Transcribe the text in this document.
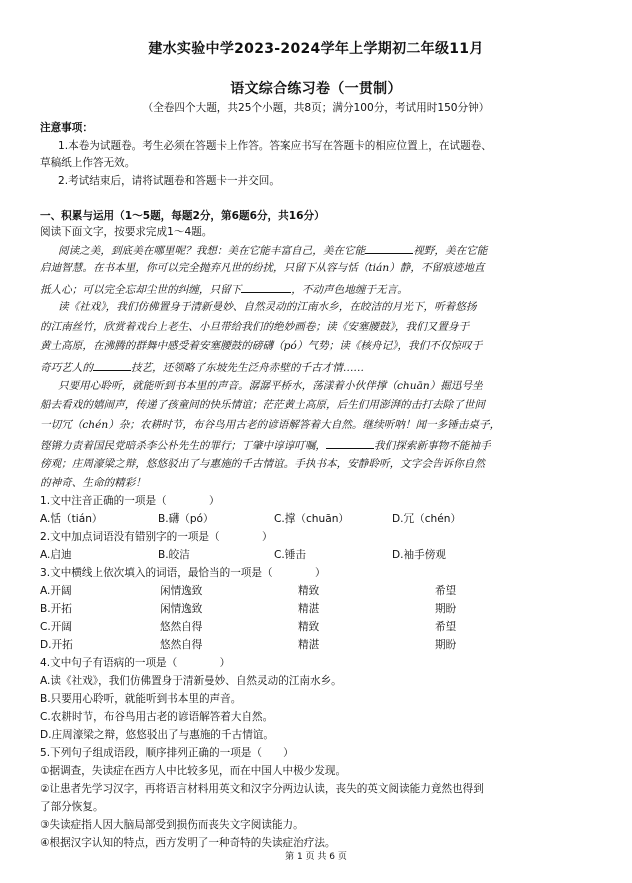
建水实验中学2023-2024学年上学期初二年级11月
语文综合练习卷（一贯制）
（全卷四个大题，共25个小题，共8页；满分100分，考试用时150分钟）
注意事项：
1.本卷为试题卷。考生必须在答题卡上作答。答案应书写在答题卡的相应位置上，在试题卷、
草稿纸上作答无效。
2.考试结束后，请将试题卷和答题卡一并交回。
一、积累与运用（1～5题，每题2分，第6题6分，共16分）
阅读下面文字，按要求完成1～4题。
阅读之美，到底美在哪里呢？我想：美在它能丰富自己，美在它能	视野，美在它能
启迪智慧。在书本里，你可以完全抛弃凡世的纷扰，只留下从容与恬（tián）静，不留痕迹地直
抵人心；可以完全忘却尘世的纠缠，只留下	，不动声色地缠于无言。
读《社戏》，我们仿佛置身于清新曼妙、自然灵动的江南水乡，在皎洁的月光下，听着悠扬
的江南丝竹，欣赏着戏台上老生、小旦带给我们的绝妙画卷；读《安塞腰鼓》，我们又置身于
黄土高原，在沸腾的群舞中感受着安塞腰鼓的磅礴（pó）气势；读《核舟记》，我们不仅惊叹于
奇巧艺人的	技艺，还领略了东坡先生泛舟赤壁的千古才情……
只要用心聆听，就能听到书本里的声音。潺潺平桥水，荡漾着小伙伴撑（chuān）掘迅号坐
船去看戏的嬉闹声，传递了孩童间的快乐情谊；茫茫黄土高原，后生们用澎湃的击打去除了世间
一切冗（chén）杂；农耕时节，布谷鸟用古老的谚语解答着大自然。继续听呐！闻一多锤击桌子，
铿锵力责着国民党暗杀李公朴先生的罪行；丁肇中谆谆叮嘱，	我们探索新事物不能袖手
傍观；庄周濠梁之辩，悠悠驳出了与惠施的千古情谊。手执书本，安静聆听，文字会告诉你自然
的神奇、生命的精彩！
1.文中注音正确的一项是（　　　　）
A.恬（tián）	B.礴（pó）	C.撑（chuān）	D.冗（chén）
2.文中加点词语没有错别字的一项是（　　　　）
A.启迪	B.皎洁	C.锤击	D.袖手傍观
3.文中横线上依次填入的词语，最恰当的一项是（　　　　）
A.开阔	闲情逸致	精致	希望
B.开拓	闲情逸致	精湛	期盼
C.开阔	悠然自得	精致	希望
D.开拓	悠然自得	精湛	期盼
4.文中句子有语病的一项是（　　　　）
A.读《社戏》，我们仿佛置身于清新曼妙、自然灵动的江南水乡。
B.只要用心聆听，就能听到书本里的声音。
C.农耕时节，布谷鸟用古老的谚语解答着大自然。
D.庄周濠梁之辩，悠悠驳出了与惠施的千古情谊。
5.下列句子组成语段，顺序排列正确的一项是（　　）
①据调查，失读症在西方人中比较多见，而在中国人中极少发现。
②让患者先学习汉字，再将语言材料用英文和汉字分两边认读，丧失的英文阅读能力竟然也得到
了部分恢复。
③失读症指人因大脑局部受到损伤而丧失文字阅读能力。
④根据汉字认知的特点，西方发明了一种奇特的失读症治疗法。
第 1 页 共 6 页
